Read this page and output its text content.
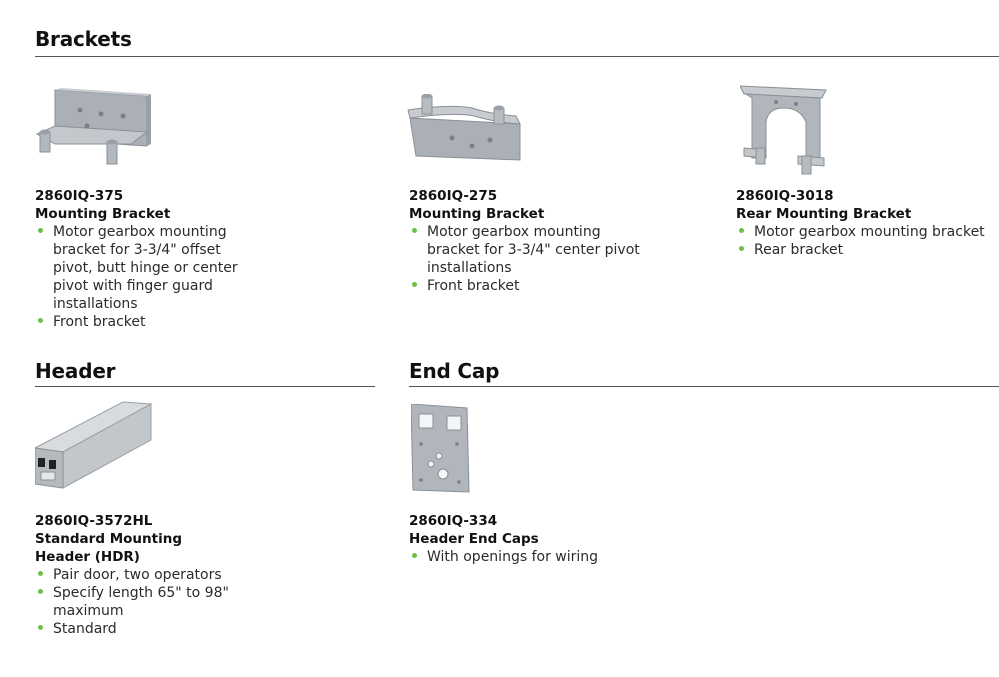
Brackets
2860IQ-375
Mounting Bracket
Motor gearbox mounting bracket for 3-3/4" offset pivot, butt hinge or center pivot with finger guard installations
Front bracket
2860IQ-275
Mounting Bracket
Motor gearbox mounting bracket for 3-3/4" center pivot installations
Front bracket
2860IQ-3018
Rear Mounting Bracket
Motor gearbox mounting bracket
Rear bracket
Header	End Cap
2860IQ-3572HL
Standard Mounting Header (HDR)
Pair door, two operators
Specify length 65" to 98" maximum
Standard
2860IQ-334
Header End Caps
With openings for wiring
